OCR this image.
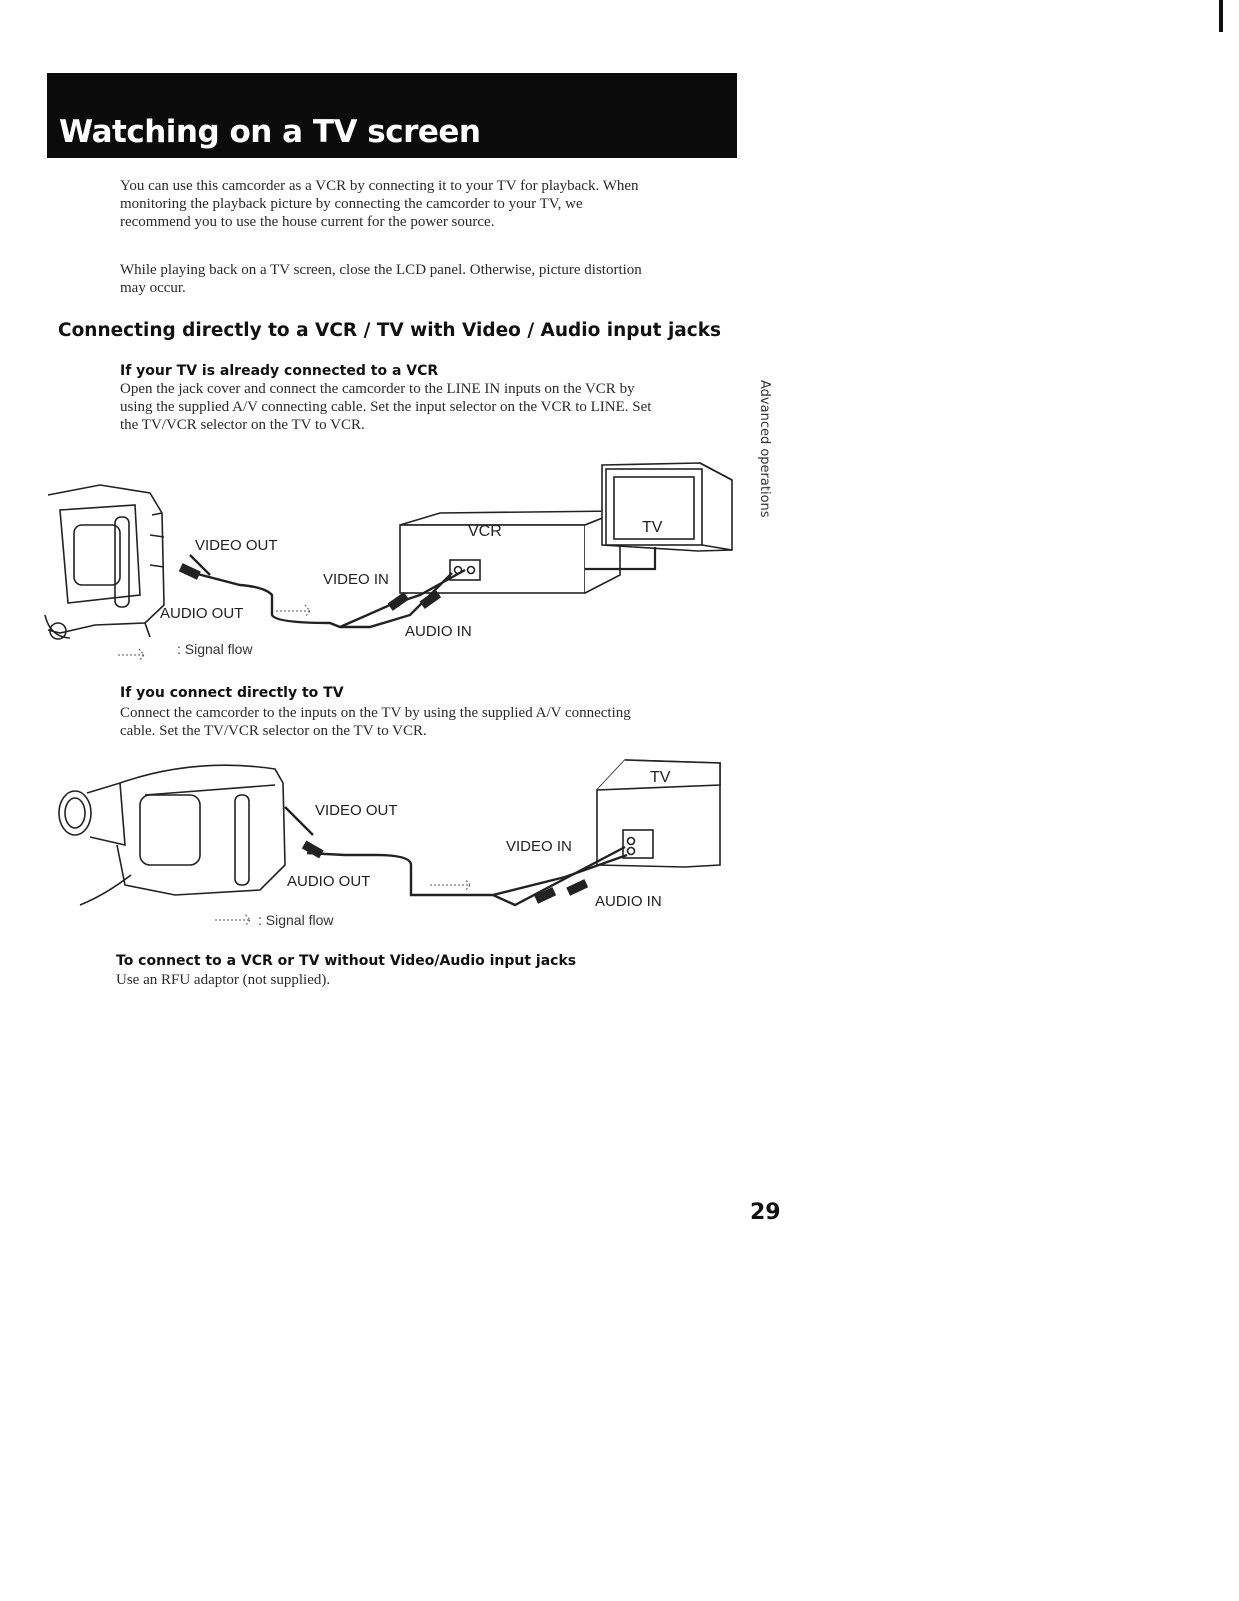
Watching on a TV screen
You can use this camcorder as a VCR by connecting it to your TV for playback. When
monitoring the playback picture by connecting the camcorder to your TV, we
recommend you to use the house current for the power source.
While playing back on a TV screen, close the LCD panel. Otherwise, picture distortion
may occur.
Connecting directly to a VCR / TV with Video / Audio input jacks
If your TV is already connected to a VCR
Open the jack cover and connect the camcorder to the LINE IN inputs on the VCR by
using the supplied A/V connecting cable. Set the input selector on the VCR to LINE. Set
the TV/VCR selector on the TV to VCR.
VCR	TV
VIDEO OUT
AUDIO OUT
VIDEO IN
AUDIO IN
: Signal flow
If you connect directly to TV
Connect the camcorder to the inputs on the TV by using the supplied A/V connecting
cable. Set the TV/VCR selector on the TV to VCR.
TV
VIDEO OUT
AUDIO OUT
VIDEO IN
AUDIO IN
: Signal flow
To connect to a VCR or TV without Video/Audio input jacks
Use an RFU adaptor (not supplied).
Advanced operations
29
